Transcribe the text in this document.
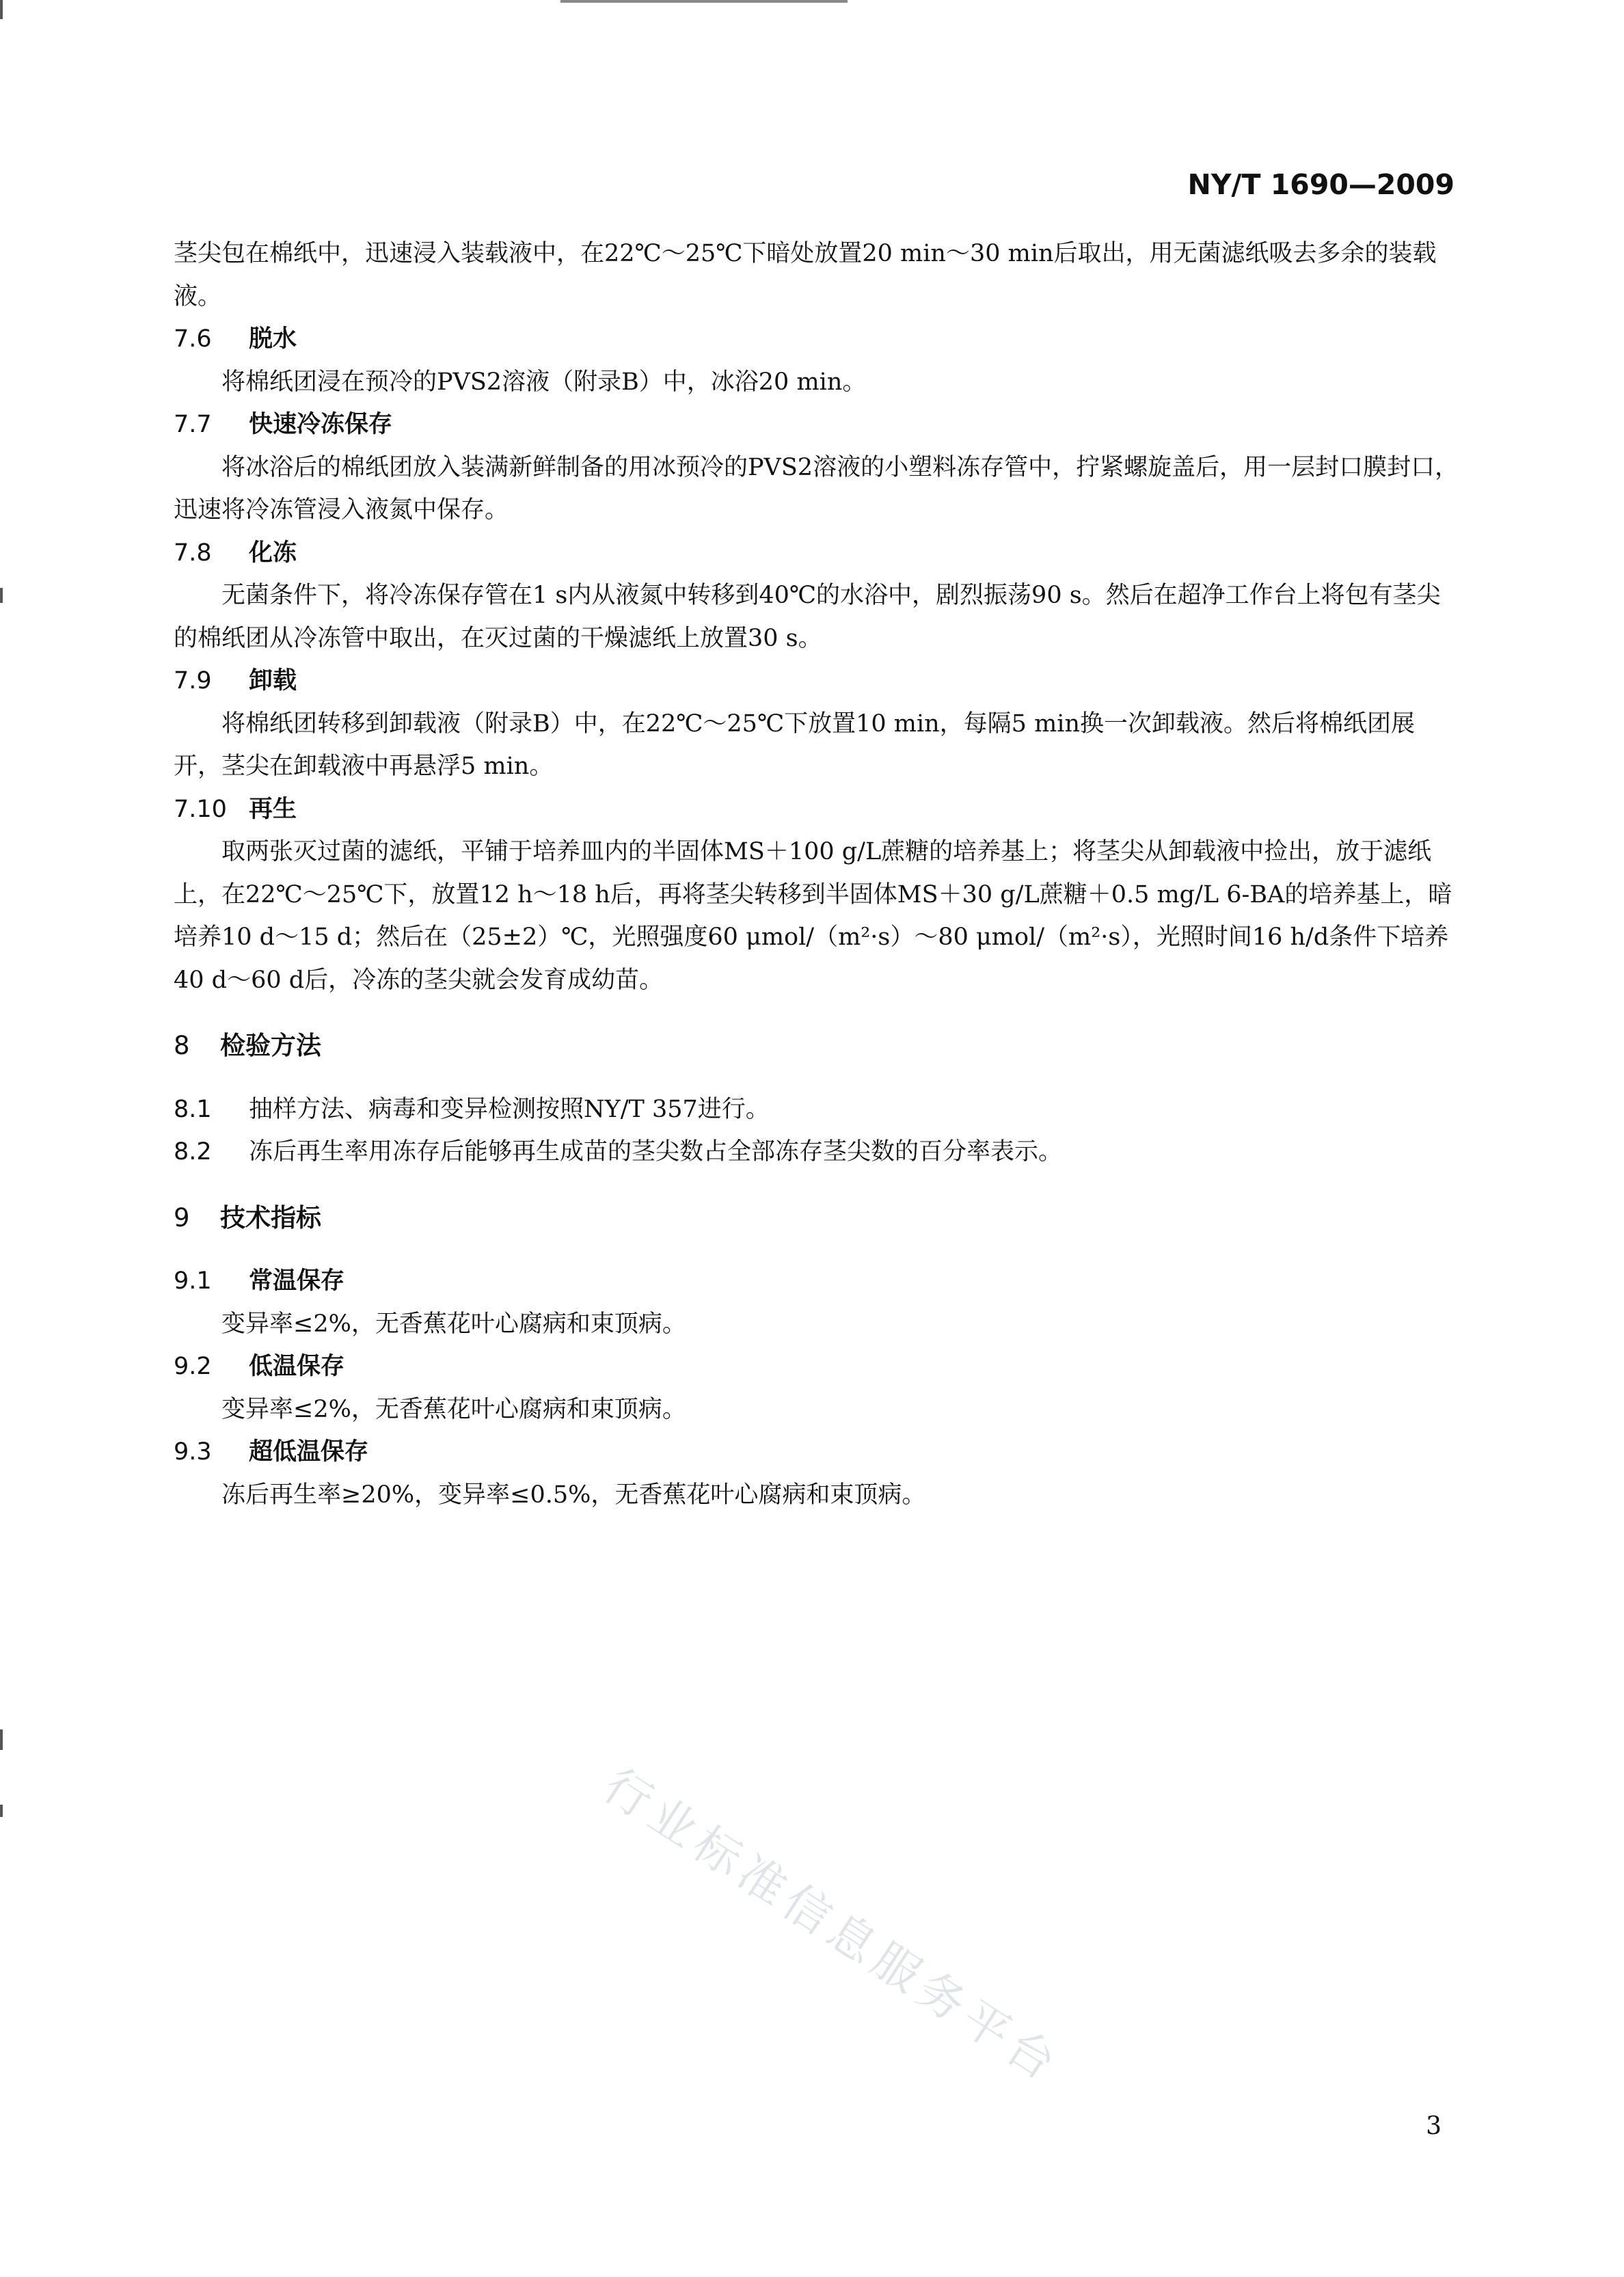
NY/T 1690—2009

茎尖包在棉纸中，迅速浸入装载液中，在22℃～25℃下暗处放置20 min～30 min后取出，用无菌滤纸吸去多余的装载液。

7.6 脱水

将棉纸团浸在预冷的PVS2溶液（附录B）中，冰浴20 min。

7.7 快速冷冻保存

将冰浴后的棉纸团放入装满新鲜制备的用冰预冷的PVS2溶液的小塑料冻存管中，拧紧螺旋盖后，用一层封口膜封口，迅速将冷冻管浸入液氮中保存。

7.8 化冻

无菌条件下，将冷冻保存管在1 s内从液氮中转移到40℃的水浴中，剧烈振荡90 s。然后在超净工作台上将包有茎尖的棉纸团从冷冻管中取出，在灭过菌的干燥滤纸上放置30 s。

7.9 卸载

将棉纸团转移到卸载液（附录B）中，在22℃～25℃下放置10 min，每隔5 min换一次卸载液。然后将棉纸团展开，茎尖在卸载液中再悬浮5 min。

7.10 再生

取两张灭过菌的滤纸，平铺于培养皿内的半固体MS＋100 g/L蔗糖的培养基上；将茎尖从卸载液中捡出，放于滤纸上，在22℃～25℃下，放置12 h～18 h后，再将茎尖转移到半固体MS＋30 g/L蔗糖＋0.5 mg/L 6-BA的培养基上，暗培养10 d～15 d；然后在（25±2）℃，光照强度60 μmol/（m²·s）～80 μmol/（m²·s），光照时间16 h/d条件下培养40 d～60 d后，冷冻的茎尖就会发育成幼苗。

8 检验方法
8.1 抽样方法、病毒和变异检测按照NY/T 357进行。
8.2 冻后再生率用冻存后能够再生成苗的茎尖数占全部冻存茎尖数的百分率表示。
9 技术指标
9.1 常温保存

变异率≤2%，无香蕉花叶心腐病和束顶病。

9.2 低温保存

变异率≤2%，无香蕉花叶心腐病和束顶病。

9.3 超低温保存

冻后再生率≥20%，变异率≤0.5%，无香蕉花叶心腐病和束顶病。

行业标准信息服务平台
3
